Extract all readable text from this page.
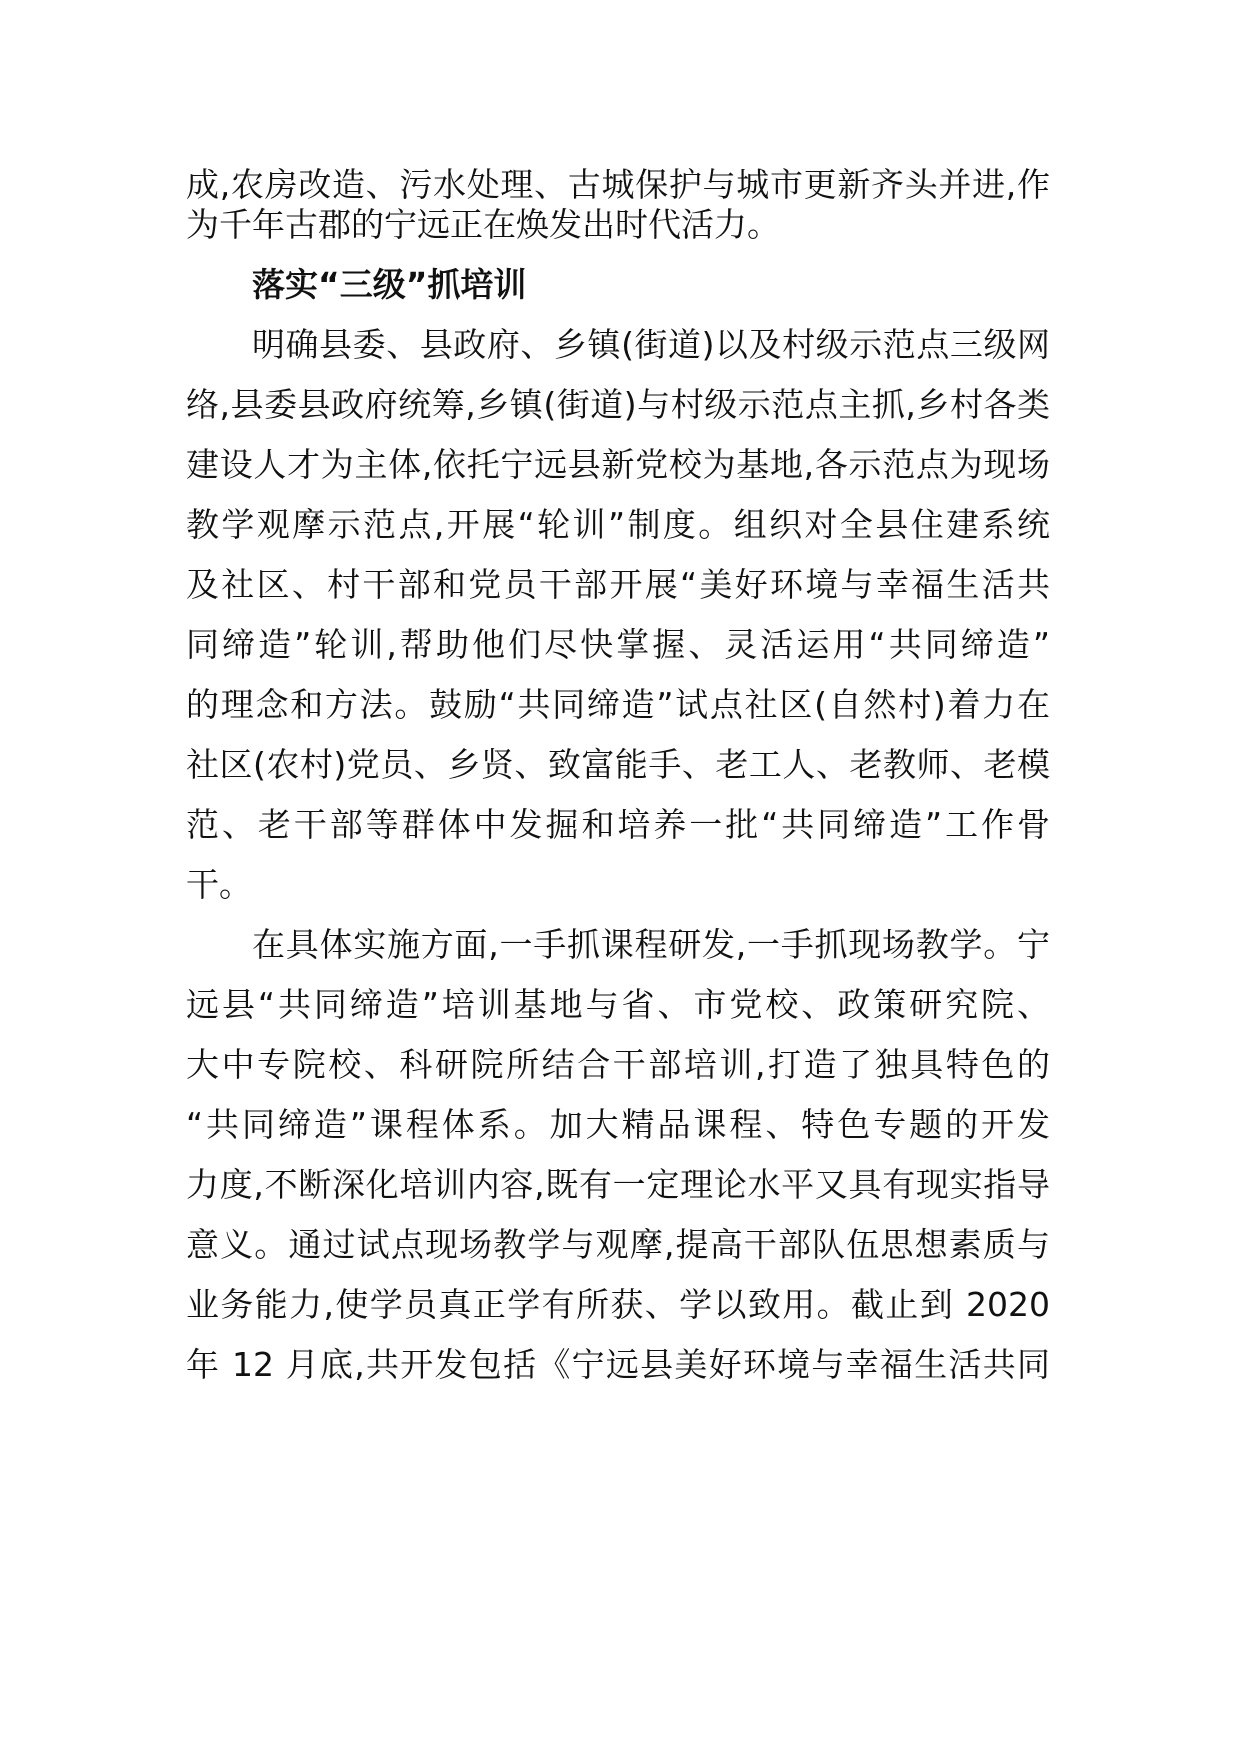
成,农房改造、污水处理、古城保护与城市更新齐头并进,作
为千年古郡的宁远正在焕发出时代活力。
落实“三级”抓培训
明确县委、县政府、乡镇(街道)以及村级示范点三级网
络,县委县政府统筹,乡镇(街道)与村级示范点主抓,乡村各类
建设人才为主体,依托宁远县新党校为基地,各示范点为现场
教学观摩示范点,开展“轮训”制度。组织对全县住建系统
及社区、村干部和党员干部开展“美好环境与幸福生活共
同缔造”轮训,帮助他们尽快掌握、灵活运用“共同缔造”
的理念和方法。鼓励“共同缔造”试点社区(自然村)着力在
社区(农村)党员、乡贤、致富能手、老工人、老教师、老模
范、老干部等群体中发掘和培养一批“共同缔造”工作骨
干。
在具体实施方面,一手抓课程研发,一手抓现场教学。宁
远县“共同缔造”培训基地与省、市党校、政策研究院、
大中专院校、科研院所结合干部培训,打造了独具特色的
“共同缔造”课程体系。加大精品课程、特色专题的开发
力度,不断深化培训内容,既有一定理论水平又具有现实指导
意义。通过试点现场教学与观摩,提高干部队伍思想素质与
业务能力,使学员真正学有所获、学以致用。截止到 2020
年 12 月底,共开发包括《宁远县美好环境与幸福生活共同
